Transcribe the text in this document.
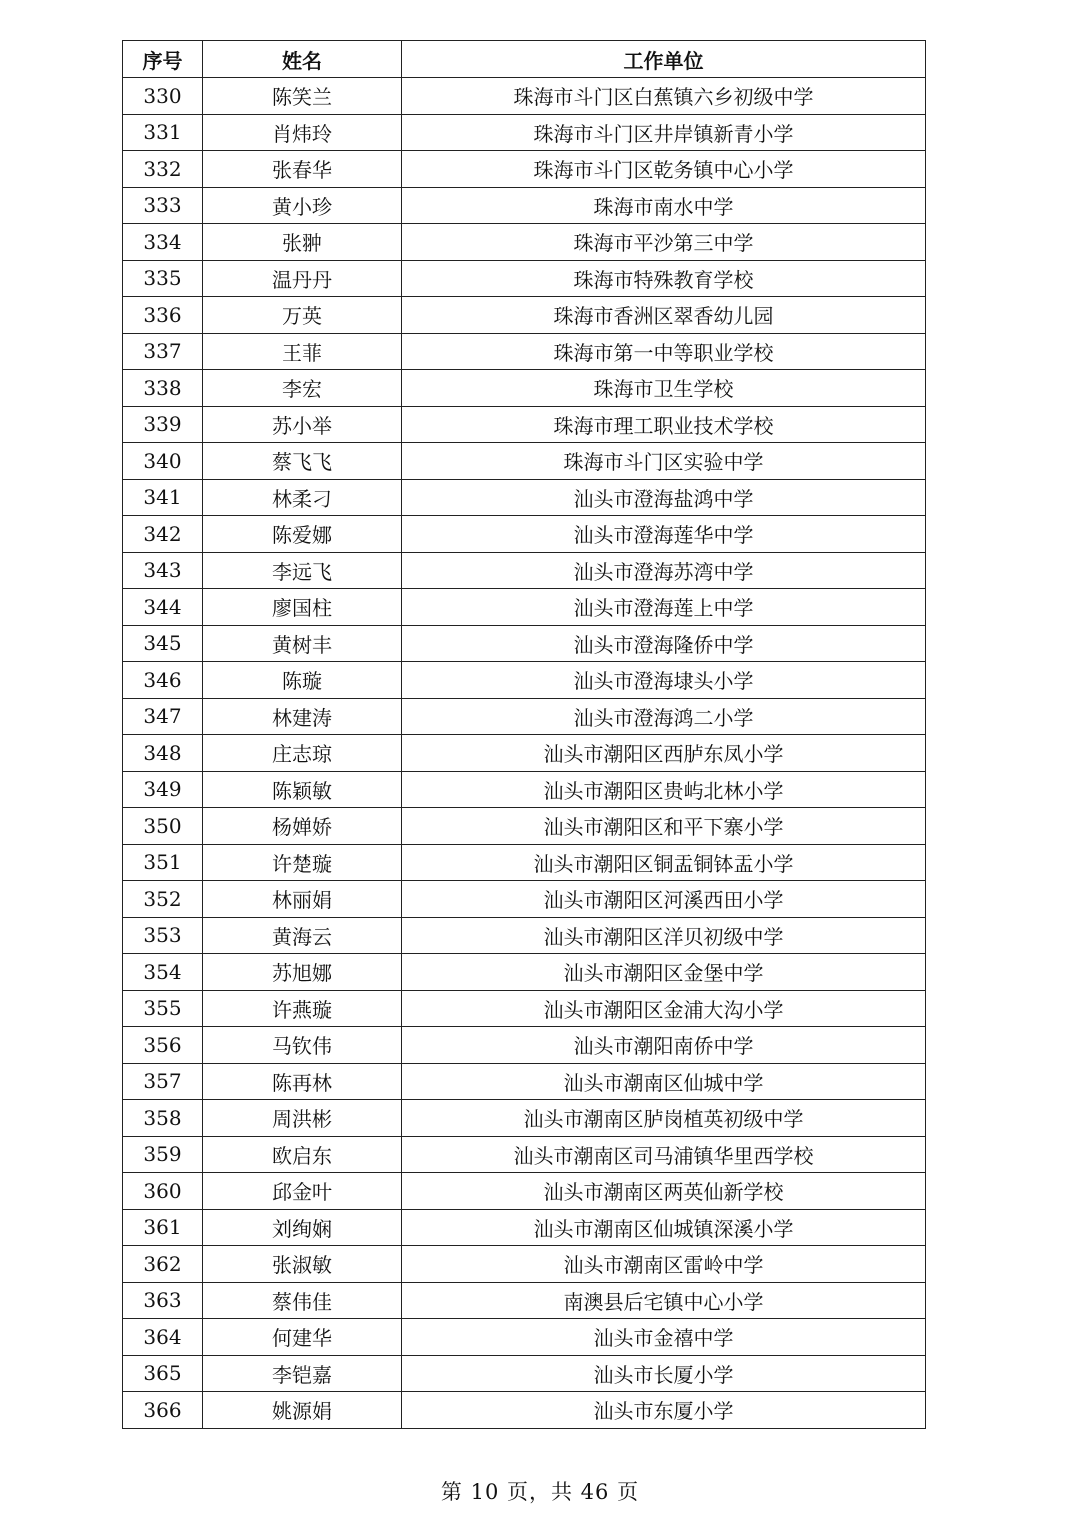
序号	姓名	工作单位
330	陈笑兰	珠海市斗门区白蕉镇六乡初级中学
331	肖炜玲	珠海市斗门区井岸镇新青小学
332	张春华	珠海市斗门区乾务镇中心小学
333	黄小珍	珠海市南水中学
334	张翀	珠海市平沙第三中学
335	温丹丹	珠海市特殊教育学校
336	万英	珠海市香洲区翠香幼儿园
337	王菲	珠海市第一中等职业学校
338	李宏	珠海市卫生学校
339	苏小举	珠海市理工职业技术学校
340	蔡飞飞	珠海市斗门区实验中学
341	林柔刁	汕头市澄海盐鸿中学
342	陈爱娜	汕头市澄海莲华中学
343	李远飞	汕头市澄海苏湾中学
344	廖国柱	汕头市澄海莲上中学
345	黄树丰	汕头市澄海隆侨中学
346	陈璇	汕头市澄海埭头小学
347	林建涛	汕头市澄海鸿二小学
348	庄志琼	汕头市潮阳区西胪东凤小学
349	陈颖敏	汕头市潮阳区贵屿北林小学
350	杨婵娇	汕头市潮阳区和平下寨小学
351	许楚璇	汕头市潮阳区铜盂铜钵盂小学
352	林丽娟	汕头市潮阳区河溪西田小学
353	黄海云	汕头市潮阳区洋贝初级中学
354	苏旭娜	汕头市潮阳区金堡中学
355	许燕璇	汕头市潮阳区金浦大沟小学
356	马钦伟	汕头市潮阳南侨中学
357	陈再林	汕头市潮南区仙城中学
358	周洪彬	汕头市潮南区胪岗植英初级中学
359	欧启东	汕头市潮南区司马浦镇华里西学校
360	邱金叶	汕头市潮南区两英仙新学校
361	刘绚娴	汕头市潮南区仙城镇深溪小学
362	张淑敏	汕头市潮南区雷岭中学
363	蔡伟佳	南澳县后宅镇中心小学
364	何建华	汕头市金禧中学
365	李铠嘉	汕头市长厦小学
366	姚源娟	汕头市东厦小学
第 10 页，共 46 页
